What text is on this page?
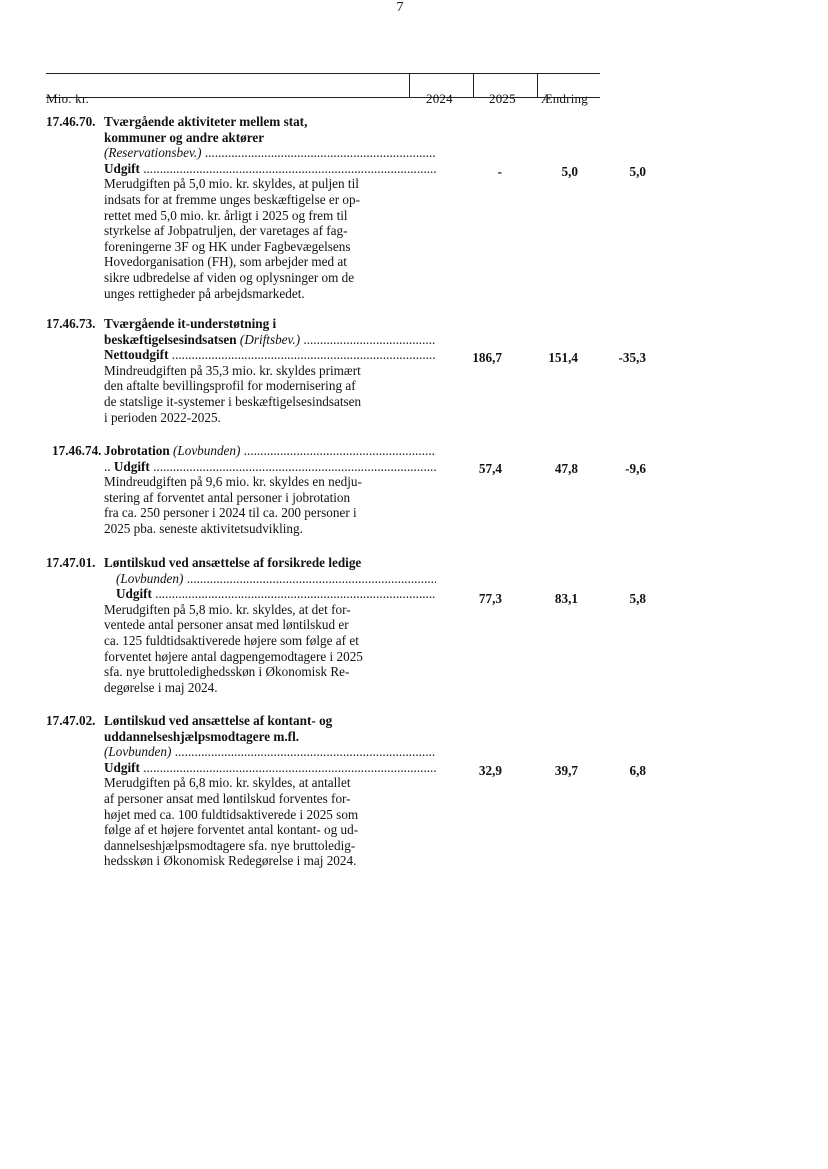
7
Mio. kr.	2024	2025 Ændring
17.46.70. Tværgående aktiviteter mellem stat,
kommuner og andre aktører
(Reservationsbev.) .....
Udgift .....
Merudgiften på 5,0 mio. kr. skyldes, at puljen til
indsats for at fremme unges beskæftigelse er op-
rettet med 5,0 mio. kr. årligt i 2025 og frem til
styrkelse af Jobpatruljen, der varetages af fag-
foreningerne 3F og HK under Fagbevægelsens
Hovedorganisation (FH), som arbejder med at
sikre udbredelse af viden og oplysninger om de
unges rettigheder på arbejdsmarkedet.
-	5,0	5,0
17.46.73. Tværgående it-understøtning i
beskæftigelsesindsatsen (Driftsbev.) .....
Nettoudgift .....
Mindreudgiften på 35,3 mio. kr. skyldes primært
den aftalte bevillingsprofil for modernisering af
de statslige it-systemer i beskæftigelsesindsatsen
i perioden 2022-2025.
186,7	151,4	-35,3
17.46.74. Jobrotation (Lovbunden) .....
.. Udgift .....
Mindreudgiften på 9,6 mio. kr. skyldes en nedju-
stering af forventet antal personer i jobrotation
fra ca. 250 personer i 2024 til ca. 200 personer i
2025 pba. seneste aktivitetsudvikling.
57,4	47,8	-9,6
17.47.01. Løntilskud ved ansættelse af forsikrede ledige
(Lovbunden) .....
Udgift .....
Merudgiften på 5,8 mio. kr. skyldes, at det for-
ventede antal personer ansat med løntilskud er
ca. 125 fuldtidsaktiverede højere som følge af et
forventet højere antal dagpengemodtagere i 2025
sfa. nye bruttoledighedsskøn i Økonomisk Re-
degørelse i maj 2024.
77,3	83,1	5,8
17.47.02. Løntilskud ved ansættelse af kontant- og
uddannelseshjælpsmodtagere m.fl.
(Lovbunden) .....
Udgift .....
Merudgiften på 6,8 mio. kr. skyldes, at antallet
af personer ansat med løntilskud forventes for-
højet med ca. 100 fuldtidsaktiverede i 2025 som
følge af et højere forventet antal kontant- og ud-
dannelseshjælpsmodtagere sfa. nye bruttoledig-
hedsskøn i Økonomisk Redegørelse i maj 2024.
32,9	39,7	6,8
